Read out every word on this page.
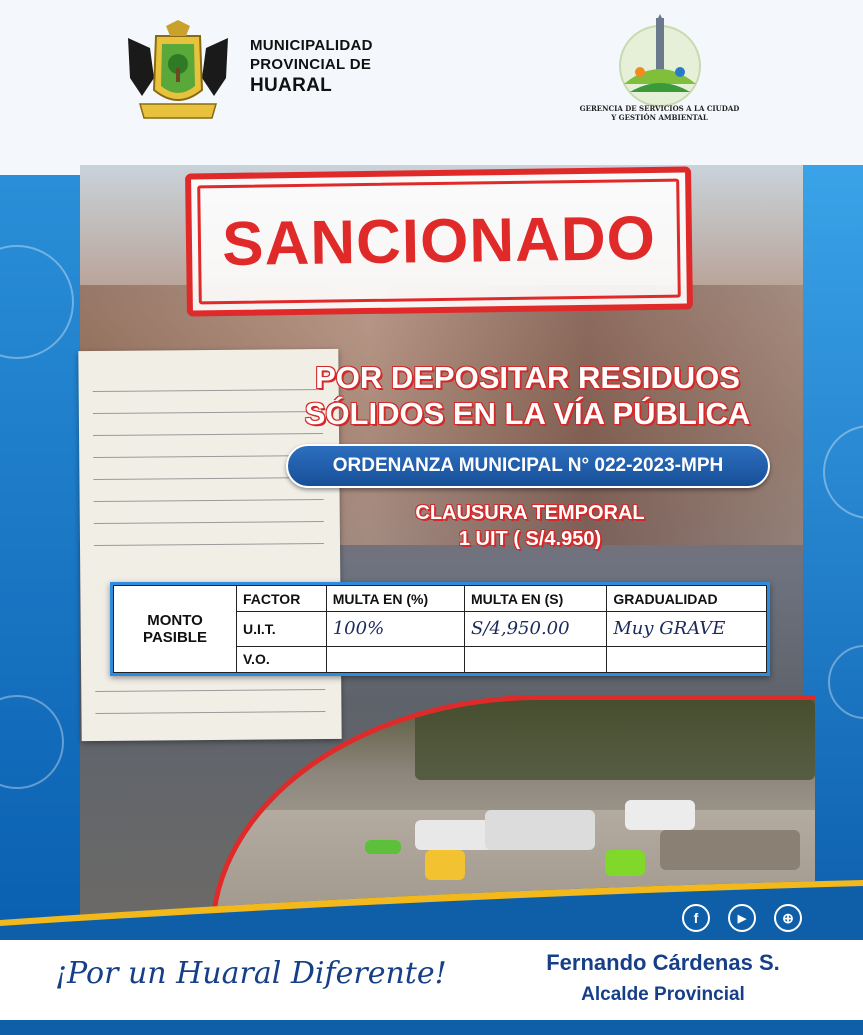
MUNICIPALIDAD
PROVINCIAL DE
HUARAL
GERENCIA DE SERVICIOS A LA CIUDAD
Y GESTIÓN AMBIENTAL
SANCIONADO
POR DEPOSITAR RESIDUOS
SÓLIDOS EN LA VÍA PÚBLICA
ORDENANZA MUNICIPAL N° 022-2023-MPH
CLAUSURA TEMPORAL
1 UIT ( S/4.950)
MONTO PASIBLE	FACTOR	MULTA EN (%)	MULTA EN (S)	GRADUALIDAD
	U.I.T.	100%	S/4,950.00	Muy GRAVE
	V.O.			
f	▶	⊕
¡Por un Huaral Diferente!	Fernando Cárdenas S.
Alcalde Provincial
